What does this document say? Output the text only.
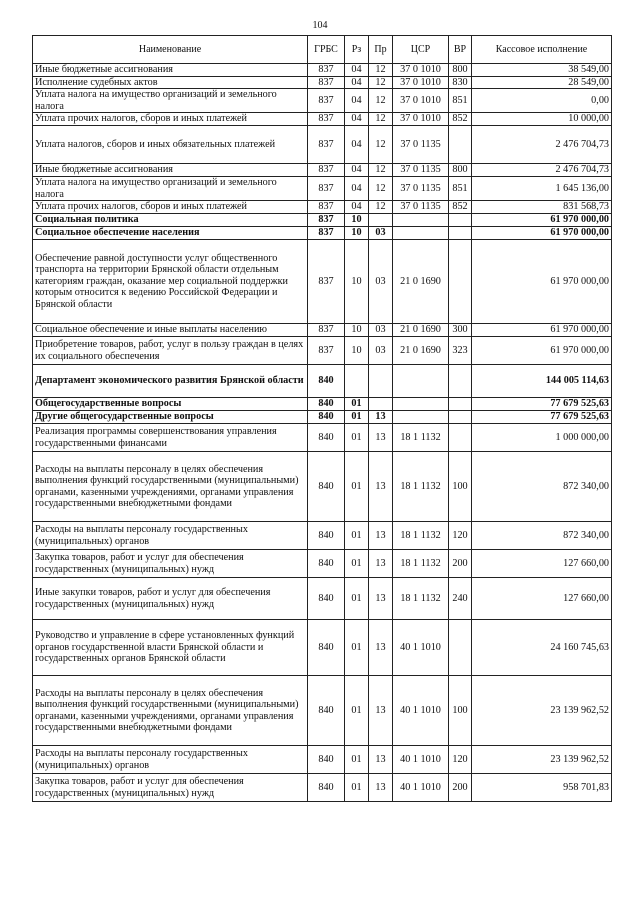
104
Наименование	ГРБС	Рз	Пр	ЦСР	ВР	Кассовое исполнение
Иные бюджетные ассигнования	837	04	12	37 0 1010	800	38 549,00
Исполнение судебных актов	837	04	12	37 0 1010	830	28 549,00
Уплата налога на имущество организаций и земельного налога	837	04	12	37 0 1010	851	0,00
Уплата прочих налогов, сборов и иных платежей	837	04	12	37 0 1010	852	10 000,00
Уплата налогов, сборов и иных обязательных платежей	837	04	12	37 0 1135		2 476 704,73
Иные бюджетные ассигнования	837	04	12	37 0 1135	800	2 476 704,73
Уплата налога на имущество организаций и земельного налога	837	04	12	37 0 1135	851	1 645 136,00
Уплата прочих налогов, сборов и иных платежей	837	04	12	37 0 1135	852	831 568,73
Социальная политика	837	10				61 970 000,00
Социальное обеспечение населения	837	10	03			61 970 000,00
Обеспечение равной доступности услуг общественного транспорта на территории Брянской области отдельным категориям граждан, оказание мер социальной поддержки которым относится к ведению Российской Федерации и Брянской области	837	10	03	21 0 1690		61 970 000,00
Социальное обеспечение и иные выплаты населению	837	10	03	21 0 1690	300	61 970 000,00
Приобретение товаров, работ, услуг в пользу граждан в целях их социального обеспечения	837	10	03	21 0 1690	323	61 970 000,00
Департамент экономического развития Брянской области	840					144 005 114,63
Общегосударственные вопросы	840	01				77 679 525,63
Другие общегосударственные вопросы	840	01	13			77 679 525,63
Реализация программы совершенствования управления государственными финансами	840	01	13	18 1 1132		1 000 000,00
Расходы на выплаты персоналу в целях обеспечения выполнения функций государственными (муниципальными) органами, казенными учреждениями, органами управления государственными внебюджетными фондами	840	01	13	18 1 1132	100	872 340,00
Расходы на выплаты персоналу государственных (муниципальных) органов	840	01	13	18 1 1132	120	872 340,00
Закупка товаров, работ и услуг для обеспечения государственных (муниципальных) нужд	840	01	13	18 1 1132	200	127 660,00
Иные закупки товаров, работ и услуг для обеспечения государственных (муниципальных) нужд	840	01	13	18 1 1132	240	127 660,00
Руководство и управление в сфере установленных функций органов государственной власти Брянской области и государственных органов Брянской области	840	01	13	40 1 1010		24 160 745,63
Расходы на выплаты персоналу в целях обеспечения выполнения функций государственными (муниципальными) органами, казенными учреждениями, органами управления государственными внебюджетными фондами	840	01	13	40 1 1010	100	23 139 962,52
Расходы на выплаты персоналу государственных (муниципальных) органов	840	01	13	40 1 1010	120	23 139 962,52
Закупка товаров, работ и услуг для обеспечения государственных (муниципальных) нужд	840	01	13	40 1 1010	200	958 701,83
